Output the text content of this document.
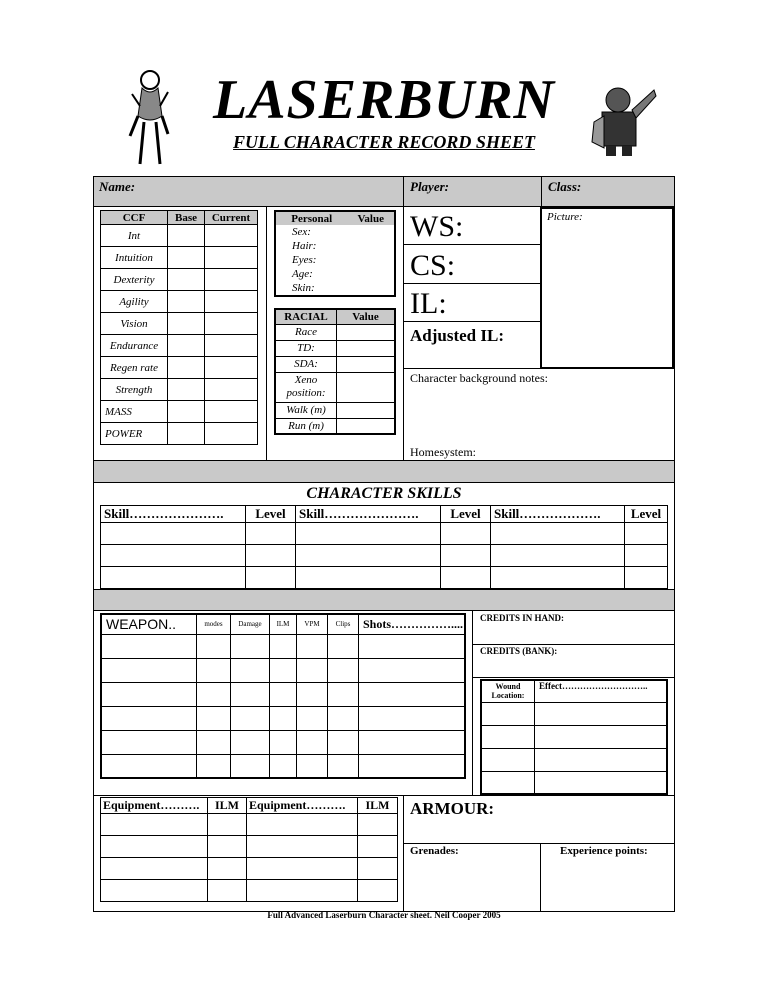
LASERBURN
FULL CHARACTER RECORD SHEET
Name:	Player:	Class:
CCF	Base	Current
Int		
Intuition		
Dexterity		
Agility		
Vision		
Endurance		
Regen rate		
Strength		
MASS		
POWER		
Personal	Value

Sex:
Hair:
Eyes:
Age:
Skin:
RACIAL	Value
Race	
TD:	
SDA:	
Xeno position:	
Walk (m)	
Run (m)	
WS:
CS:
IL:
Adjusted IL:
Picture:
Character background notes:
Homesystem:
CHARACTER SKILLS
Skill………………….	Level	Skill………………….	Level	Skill……………….	Level

WEAPON..	modes	Damage	ILM	VPM	Clips	Shots……………....

						CREDITS IN HAND:
CREDITS (BANK):
Wound Location:	Effect………………………..

Equipment……….	ILM	Equipment……….	ILM

			ARMOUR:
Grenades:	Experience points:
Full Advanced Laserburn Character sheet. Neil Cooper 2005
